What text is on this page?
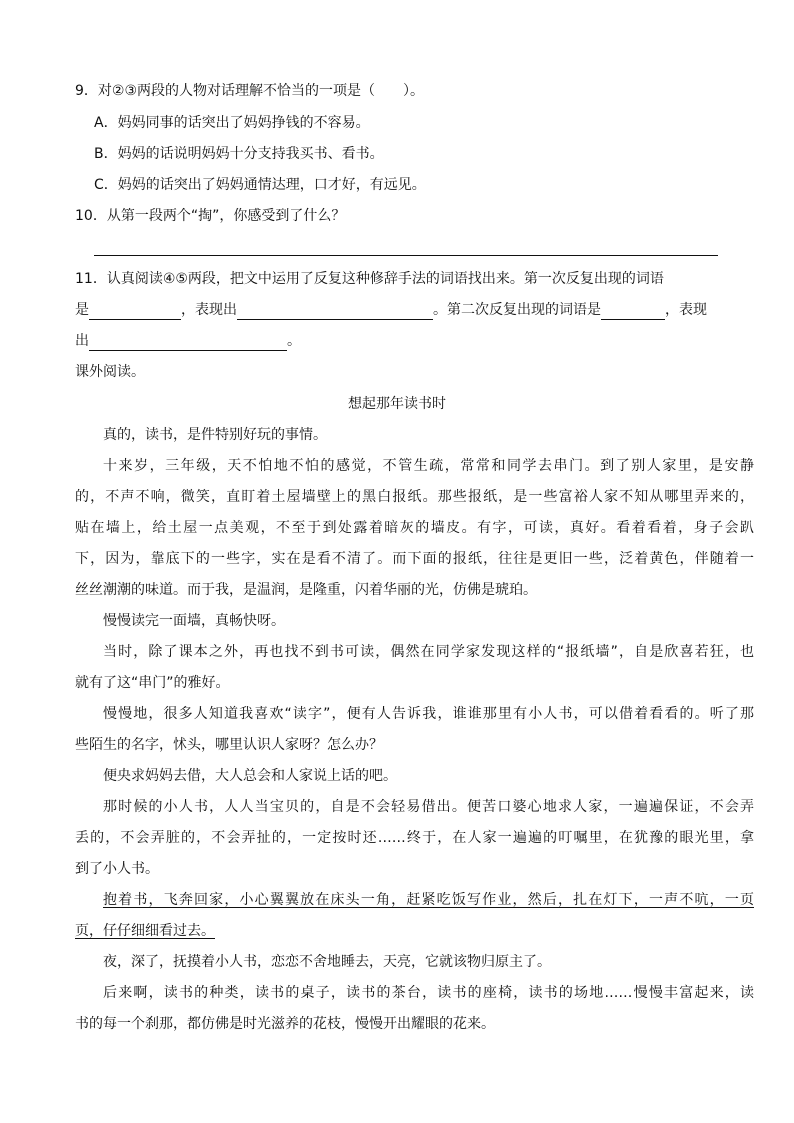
9．对②③两段的人物对话理解不恰当的一项是（　　）。
A．妈妈同事的话突出了妈妈挣钱的不容易。
B．妈妈的话说明妈妈十分支持我买书、看书。
C．妈妈的话突出了妈妈通情达理，口才好，有远见。
10．从第一段两个“掏”，你感受到了什么？
11．认真阅读④⑤两段，把文中运用了反复这种修辞手法的词语找出来。第一次反复出现的词语
是	，表现出	。第二次反复出现的词语是	，表现
出	。
课外阅读。
想起那年读书时
真的，读书，是件特别好玩的事情。
十来岁，三年级，天不怕地不怕的感觉，不管生疏，常常和同学去串门。到了别人家里，是安静
的，不声不响，微笑，直盯着土屋墙壁上的黑白报纸。那些报纸，是一些富裕人家不知从哪里弄来的，
贴在墙上，给土屋一点美观，不至于到处露着暗灰的墙皮。有字，可读，真好。看着看着，身子会趴
下，因为，靠底下的一些字，实在是看不清了。而下面的报纸，往往是更旧一些，泛着黄色，伴随着一
丝丝潮潮的味道。而于我，是温润，是隆重，闪着华丽的光，仿佛是琥珀。
慢慢读完一面墙，真畅快呀。
当时，除了课本之外，再也找不到书可读，偶然在同学家发现这样的“报纸墙”，自是欣喜若狂，也
就有了这“串门”的雅好。
慢慢地，很多人知道我喜欢“读字”，便有人告诉我，谁谁那里有小人书，可以借着看看的。听了那
些陌生的名字，怵头，哪里认识人家呀？怎么办？
便央求妈妈去借，大人总会和人家说上话的吧。
那时候的小人书，人人当宝贝的，自是不会轻易借出。便苦口婆心地求人家，一遍遍保证，不会弄
丢的，不会弄脏的，不会弄扯的，一定按时还……终于，在人家一遍遍的叮嘱里，在犹豫的眼光里，拿
到了小人书。
抱着书，飞奔回家，小心翼翼放在床头一角，赶紧吃饭写作业，然后，扎在灯下，一声不吭，一页
页，仔仔细细看过去。
夜，深了，抚摸着小人书，恋恋不舍地睡去，天亮，它就该物归原主了。
后来啊，读书的种类，读书的桌子，读书的茶台，读书的座椅，读书的场地……慢慢丰富起来，读
书的每一个刹那，都仿佛是时光滋养的花枝，慢慢开出耀眼的花来。
